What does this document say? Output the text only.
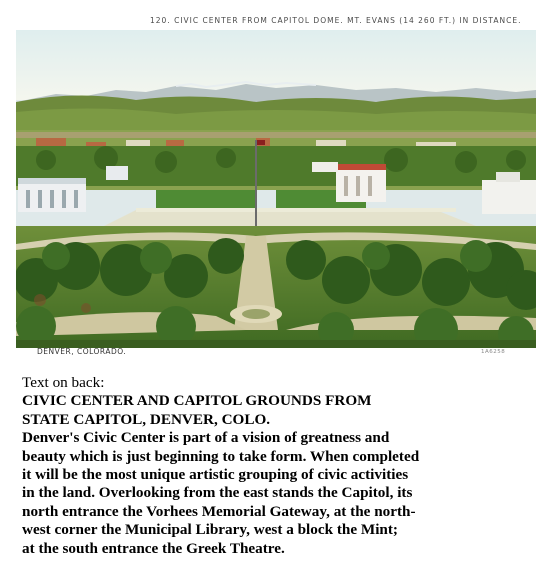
120. CIVIC CENTER FROM CAPITOL DOME. MT. EVANS (14 260 FT.) IN DISTANCE.
DENVER, COLORADO.	1A6258
Text on back:
CIVIC CENTER AND CAPITOL GROUNDS FROM
STATE CAPITOL, DENVER, COLO.
Denver's Civic Center is part of a vision of greatness and
beauty which is just beginning to take form. When completed
it will be the most unique artistic grouping of civic activities
in the land. Overlooking from the east stands the Capitol, its
north entrance the Vorhees Memorial Gateway, at the north-
west corner the Municipal Library, west a block the Mint;
at the south entrance the Greek Theatre.
